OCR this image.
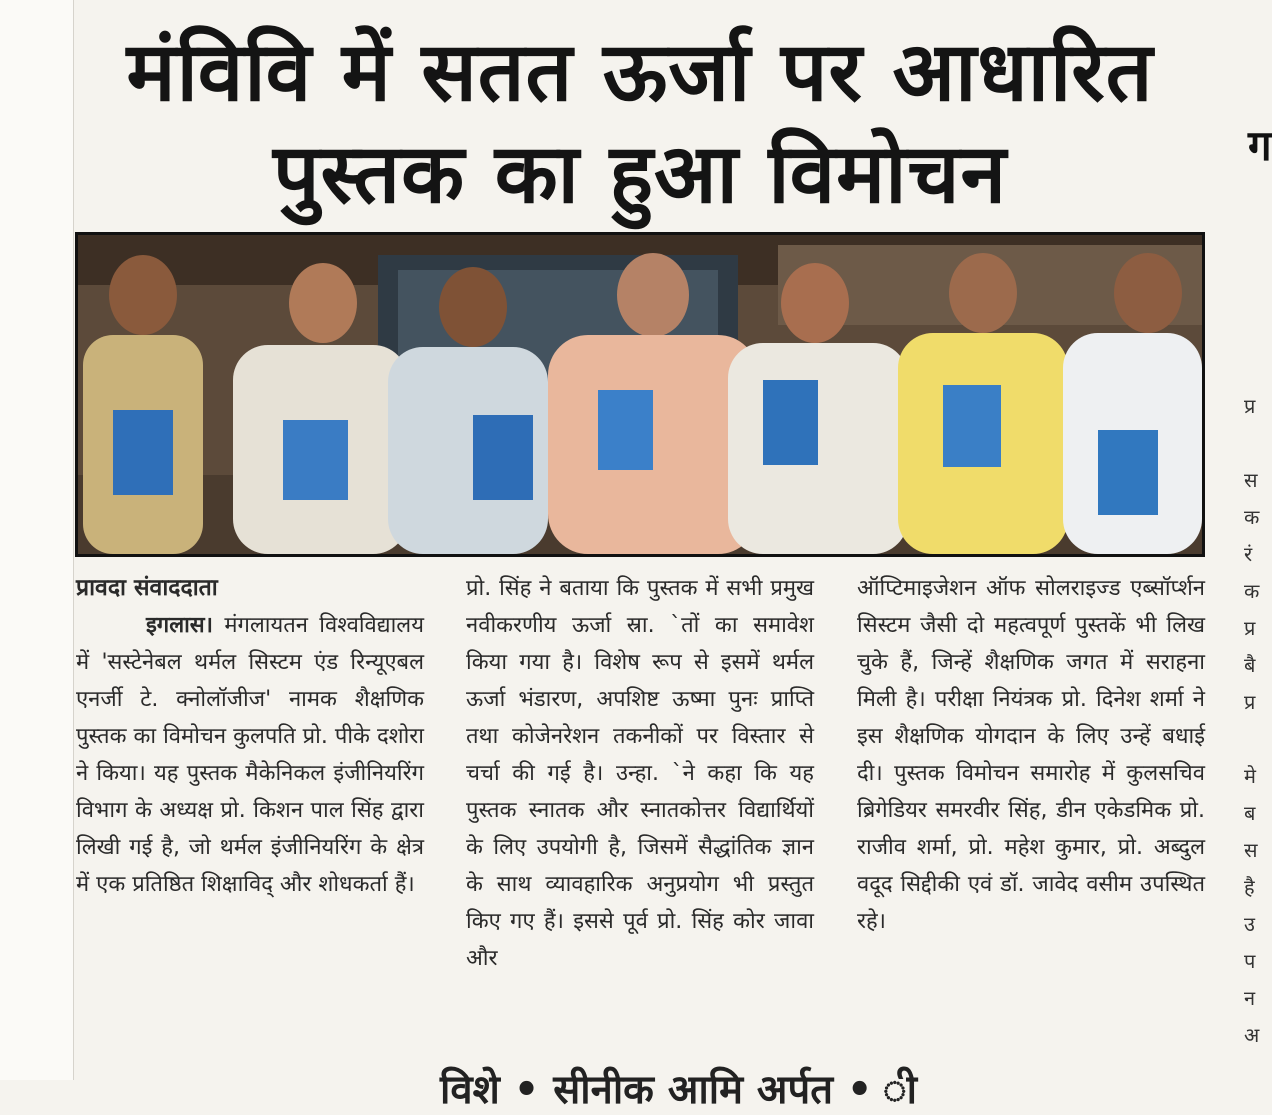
मंविवि में सतत ऊर्जा पर आधारित
पुस्तक का हुआ विमोचन
प्रावदा संवाददाता
इगलास। मंगलायतन विश्वविद्यालय में 'सस्टेनेबल थर्मल सिस्टम एंड रिन्यूएबल एनर्जी टे. क्नोलॉजीज' नामक शैक्षणिक पुस्तक का विमोचन कुलपति प्रो. पीके दशोरा ने किया। यह पुस्तक मैकेनिकल इंजीनियरिंग विभाग के अध्यक्ष प्रो. किशन पाल सिंह द्वारा लिखी गई है, जो थर्मल इंजीनियरिंग के क्षेत्र में एक प्रतिष्ठित शिक्षाविद् और शोधकर्ता हैं।
प्रो. सिंह ने बताया कि पुस्तक में सभी प्रमुख नवीकरणीय ऊर्जा स्रा. `तों का समावेश किया गया है। विशेष रूप से इसमें थर्मल ऊर्जा भंडारण, अपशिष्ट ऊष्मा पुनः प्राप्ति तथा कोजेनरेशन तकनीकों पर विस्तार से चर्चा की गई है। उन्हा. `ने कहा कि यह पुस्तक स्नातक और स्नातकोत्तर विद्यार्थियों के लिए उपयोगी है, जिसमें सैद्धांतिक ज्ञान के साथ व्यावहारिक अनुप्रयोग भी प्रस्तुत किए गए हैं। इससे पूर्व प्रो. सिंह कोर जावा और
ऑप्टिमाइजेशन ऑफ सोलराइज्ड एब्सॉर्प्शन सिस्टम जैसी दो महत्वपूर्ण पुस्तकें भी लिख चुके हैं, जिन्हें शैक्षणिक जगत में सराहना मिली है। परीक्षा नियंत्रक प्रो. दिनेश शर्मा ने इस शैक्षणिक योगदान के लिए उन्हें बधाई दी। पुस्तक विमोचन समारोह में कुलसचिव ब्रिगेडियर समरवीर सिंह, डीन एकेडमिक प्रो. राजीव शर्मा, प्रो. महेश कुमार, प्रो. अब्दुल वदूद सिद्दीकी एवं डॉ. जावेद वसीम उपस्थित रहे।
ग
प्र
स
क
रं
क
प्र
बै
प्र
मे
ब
स
है
उ
प
न
अ
विशे • सीनीक आमि अर्पत • ी
